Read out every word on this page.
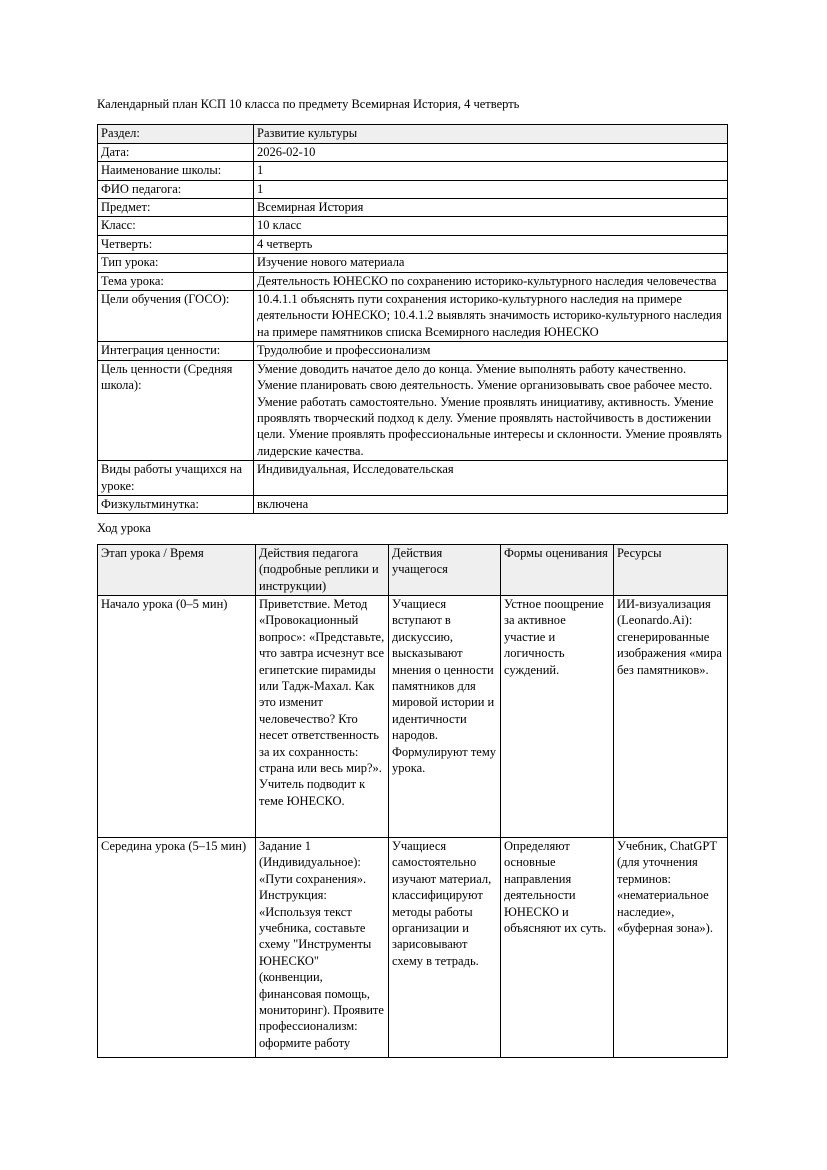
Календарный план КСП 10 класса по предмету Всемирная История, 4 четверть

Раздел:	Развитие культуры
Дата:	2026-02-10
Наименование школы:	1
ФИО педагога:	1
Предмет:	Всемирная История
Класс:	10 класс
Четверть:	4 четверть
Тип урока:	Изучение нового материала
Тема урока:	Деятельность ЮНЕСКО по сохранению историко-культурного наследия человечества
Цели обучения (ГОСО):	10.4.1.1 объяснять пути сохранения историко-культурного наследия на примере деятельности ЮНЕСКО; 10.4.1.2 выявлять значимость историко-культурного наследия на примере памятников списка Всемирного наследия ЮНЕСКО
Интеграция ценности:	Трудолюбие и профессионализм
Цель ценности (Средняя школа):	Умение доводить начатое дело до конца. Умение выполнять работу качественно. Умение планировать свою деятельность. Умение организовывать свое рабочее место. Умение работать самостоятельно. Умение проявлять инициативу, активность. Умение проявлять творческий подход к делу. Умение проявлять настойчивость в достижении цели. Умение проявлять профессиональные интересы и склонности. Умение проявлять лидерские качества.
Виды работы учащихся на уроке:	Индивидуальная, Исследовательская
Физкультминутка:	включена

Ход урока

Этап урока / Время	Действия педагога (подробные реплики и инструкции)	Действия учащегося	Формы оценивания	Ресурсы
Начало урока (0–5 мин)	Приветствие. Метод «Провокационный вопрос»: «Представьте, что завтра исчезнут все египетские пирамиды или Тадж-Махал. Как это изменит человечество? Кто несет ответственность за их сохранность: страна или весь мир?». Учитель подводит к теме ЮНЕСКО.	Учащиеся вступают в дискуссию, высказывают мнения о ценности памятников для мировой истории и идентичности народов. Формулируют тему урока.	Устное поощрение за активное участие и логичность суждений.	ИИ-визуализация (Leonardo.Ai): сгенерированные изображения «мира без памятников».
Середина урока (5–15 мин)	Задание 1 (Индивидуальное): «Пути сохранения». Инструкция: «Используя текст учебника, составьте схему "Инструменты ЮНЕСКО" (конвенции, финансовая помощь, мониторинг). Проявите профессионализм: оформите работу	Учащиеся самостоятельно изучают материал, классифицируют методы работы организации и зарисовывают схему в тетрадь.	Определяют основные направления деятельности ЮНЕСКО и объясняют их суть.	Учебник, ChatGPT (для уточнения терминов: «нематериальное наследие», «буферная зона»).
